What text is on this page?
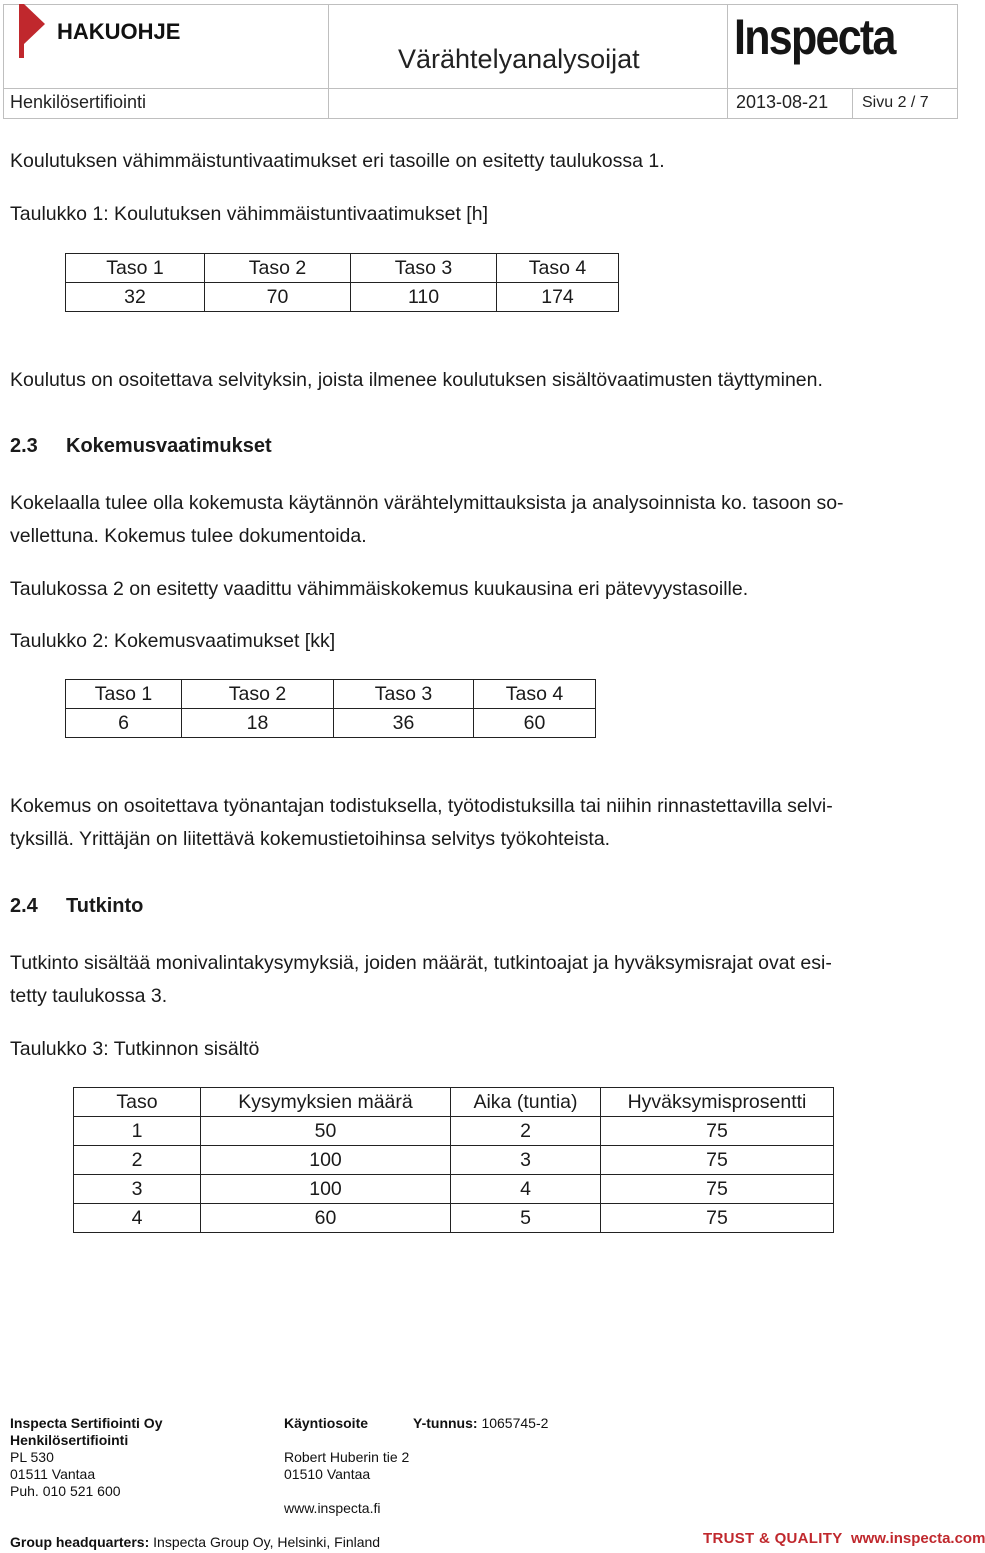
HAKUOHJE
Värähtelyanalysoijat Inspecta
Henkilösertifiointi	2013-08-21 Sivu 2 / 7
Koulutuksen vähimmäistuntivaatimukset eri tasoille on esitetty taulukossa 1.
Taulukko 1: Koulutuksen vähimmäistuntivaatimukset [h]
Taso 1	Taso 2	Taso 3	Taso 4
32	70	110	174
Koulutus on osoitettava selvityksin, joista ilmenee koulutuksen sisältövaatimusten täyttyminen.
2.3 Kokemusvaatimukset
Kokelaalla tulee olla kokemusta käytännön värähtelymittauksista ja analysoinnista ko. tasoon so-
vellettuna. Kokemus tulee dokumentoida.
Taulukossa 2 on esitetty vaadittu vähimmäiskokemus kuukausina eri pätevyystasoille.
Taulukko 2: Kokemusvaatimukset [kk]
Taso 1	Taso 2	Taso 3	Taso 4
6	18	36	60
Kokemus on osoitettava työnantajan todistuksella, työtodistuksilla tai niihin rinnastettavilla selvi-
tyksillä. Yrittäjän on liitettävä kokemustietoihinsa selvitys työkohteista.
2.4 Tutkinto
Tutkinto sisältää monivalintakysymyksiä, joiden määrät, tutkintoajat ja hyväksymisrajat ovat esi-
tetty taulukossa 3.
Taulukko 3: Tutkinnon sisältö
Taso	Kysymyksien määrä	Aika (tuntia)	Hyväksymisprosentti
1	50	2	75
2	100	3	75
3	100	4	75
4	60	5	75
Inspecta Sertifiointi Oy
Henkilösertifiointi
PL 530
01511 Vantaa
Puh. 010 521 600
Käyntiosoite

Robert Huberin tie 2
01510 Vantaa

www.inspecta.fi
Y-tunnus: 1065745-2
Group headquarters: Inspecta Group Oy, Helsinki, Finland	TRUST & QUALITY www.inspecta.com
